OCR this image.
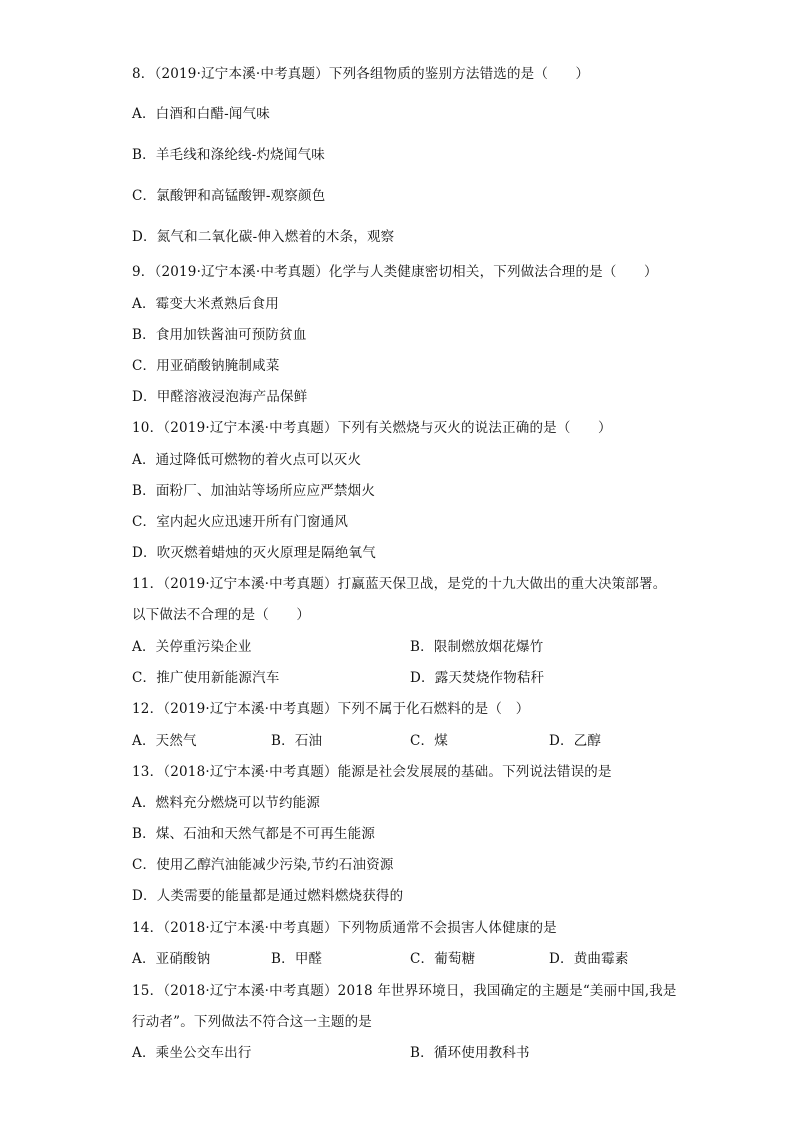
8．（2019·辽宁本溪·中考真题）下列各组物质的鉴别方法错选的是（　　）
A．白酒和白醋-闻气味
B．羊毛线和涤纶线-灼烧闻气味
C．氯酸钾和高锰酸钾-观察颜色
D．氮气和二氧化碳-伸入燃着的木条，观察
9．（2019·辽宁本溪·中考真题）化学与人类健康密切相关，下列做法合理的是（　　）
A．霉变大米煮熟后食用
B．食用加铁酱油可预防贫血
C．用亚硝酸钠腌制咸菜
D．甲醛溶液浸泡海产品保鲜
10．（2019·辽宁本溪·中考真题）下列有关燃烧与灭火的说法正确的是（　　）
A．通过降低可燃物的着火点可以灭火
B．面粉厂、加油站等场所应应严禁烟火
C．室内起火应迅速开所有门窗通风
D．吹灭燃着蜡烛的灭火原理是隔绝氧气
11．（2019·辽宁本溪·中考真题）打赢蓝天保卫战，是党的十九大做出的重大决策部署。
以下做法不合理的是（　　）
A．关停重污染企业	B．限制燃放烟花爆竹
C．推广使用新能源汽车	D．露天焚烧作物秸秆
12．（2019·辽宁本溪·中考真题）下列不属于化石燃料的是（　）
A．天然气	B．石油	C．煤	D．乙醇
13．（2018·辽宁本溪·中考真题）能源是社会发展展的基础。下列说法错误的是
A．燃料充分燃烧可以节约能源
B．煤、石油和天然气都是不可再生能源
C．使用乙醇汽油能减少污染,节约石油资源
D．人类需要的能量都是通过燃料燃烧获得的
14．（2018·辽宁本溪·中考真题）下列物质通常不会损害人体健康的是
A．亚硝酸钠	B．甲醛	C．葡萄糖	D．黄曲霉素
15．（2018·辽宁本溪·中考真题）2018 年世界环境日，我国确定的主题是“美丽中国,我是
行动者”。下列做法不符合这一主题的是
A．乘坐公交车出行	B．循环使用教科书
